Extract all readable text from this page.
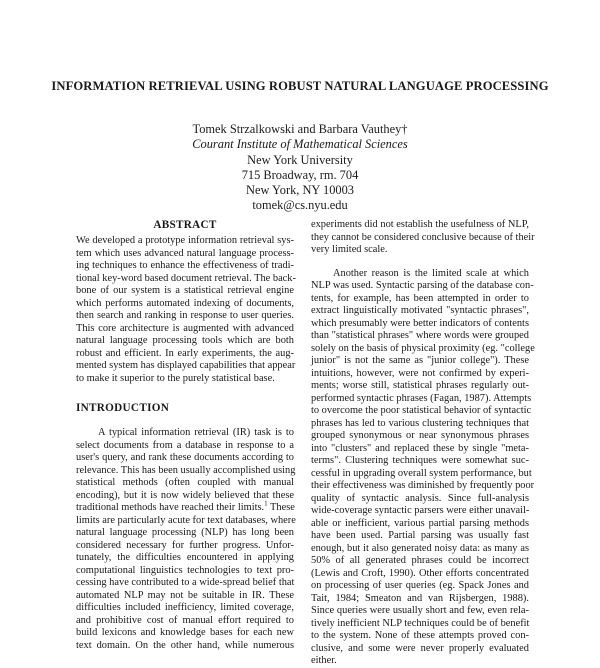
INFORMATION RETRIEVAL USING ROBUST NATURAL LANGUAGE PROCESSING
Tomek Strzalkowski and Barbara Vauthey†
Courant Institute of Mathematical Sciences
New York University
715 Broadway, rm. 704
New York, NY 10003
tomek@cs.nyu.edu
ABSTRACT
We developed a prototype information retrieval sys-
tem which uses advanced natural language process-
ing techniques to enhance the effectiveness of tradi-
tional key-word based document retrieval. The back-
bone of our system is a statistical retrieval engine
which performs automated indexing of documents,
then search and ranking in response to user queries.
This core architecture is augmented with advanced
natural language processing tools which are both
robust and efficient. In early experiments, the aug-
mented system has displayed capabilities that appear
to make it superior to the purely statistical base.
INTRODUCTION
A typical information retrieval (IR) task is to
select documents from a database in response to a
user's query, and rank these documents according to
relevance. This has been usually accomplished using
statistical methods (often coupled with manual
encoding), but it is now widely believed that these
traditional methods have reached their limits.$^1$ These
limits are particularly acute for text databases, where
natural language processing (NLP) has long been
considered necessary for further progress. Unfor-
tunately, the difficulties encountered in applying
computational linguistics technologies to text pro-
cessing have contributed to a wide-spread belief that
automated NLP may not be suitable in IR. These
difficulties included inefficiency, limited coverage,
and prohibitive cost of manual effort required to
build lexicons and knowledge bases for each new
text domain. On the other hand, while numerous
experiments did not establish the usefulness of NLP,
they cannot be considered conclusive because of their
very limited scale.
Another reason is the limited scale at which
NLP was used. Syntactic parsing of the database con-
tents, for example, has been attempted in order to
extract linguistically motivated "syntactic phrases",
which presumably were better indicators of contents
than "statistical phrases" where words were grouped
solely on the basis of physical proximity (eg. "college
junior" is not the same as "junior college"). These
intuitions, however, were not confirmed by experi-
ments; worse still, statistical phrases regularly out-
performed syntactic phrases (Fagan, 1987). Attempts
to overcome the poor statistical behavior of syntactic
phrases has led to various clustering techniques that
grouped synonymous or near synonymous phrases
into "clusters" and replaced these by single "meta-
terms". Clustering techniques were somewhat suc-
cessful in upgrading overall system performance, but
their effectiveness was diminished by frequently poor
quality of syntactic analysis. Since full-analysis
wide-coverage syntactic parsers were either unavail-
able or inefficient, various partial parsing methods
have been used. Partial parsing was usually fast
enough, but it also generated noisy data: as many as
50% of all generated phrases could be incorrect
(Lewis and Croft, 1990). Other efforts concentrated
on processing of user queries (eg. Spack Jones and
Tait, 1984; Smeaton and van Rijsbergen, 1988).
Since queries were usually short and few, even rela-
tively inefficient NLP techniques could be of benefit
to the system. None of these attempts proved con-
clusive, and some were never properly evaluated
either.
